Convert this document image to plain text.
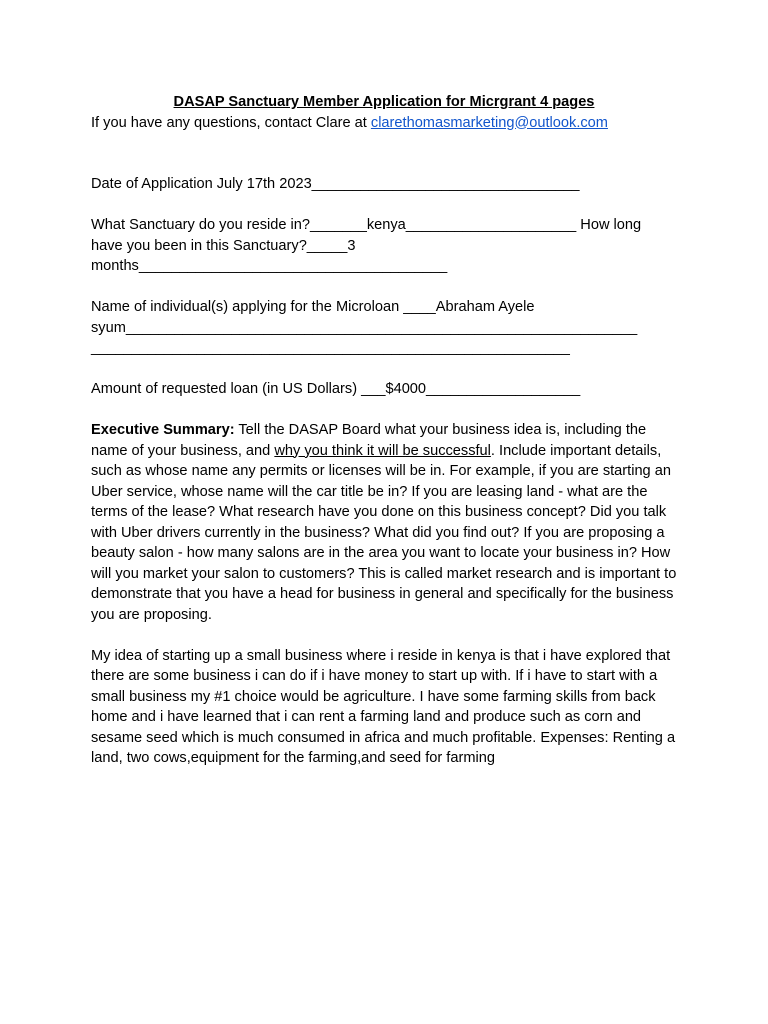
DASAP Sanctuary Member Application for Micrgrant 4 pages

If you have any questions, contact Clare at clarethomasmarketing@outlook.com

Date of Application July 17th 2023_________________________________

What Sanctuary do you reside in?_______kenya_____________________ How long

have you been in this Sanctuary?_____3

months______________________________________

Name of individual(s) applying for the Microloan ____Abraham Ayele

syum_______________________________________________________________

___________________________________________________________

Amount of requested loan (in US Dollars) ___$4000___________________

Executive Summary: Tell the DASAP Board what your business idea is, including the name of your business, and why you think it will be successful. Include important details, such as whose name any permits or licenses will be in. For example, if you are starting an Uber service, whose name will the car title be in? If you are leasing land - what are the terms of the lease? What research have you done on this business concept? Did you talk with Uber drivers currently in the business? What did you find out? If you are proposing a beauty salon - how many salons are in the area you want to locate your business in? How will you market your salon to customers? This is called market research and is important to demonstrate that you have a head for business in general and specifically for the business you are proposing.

My idea of starting up a small business where i reside in kenya is that i have explored that there are some business i can do if i have money to start up with. If i have to start with a small business my #1 choice would be agriculture. I have some farming skills from back home and i have learned that i can rent a farming land and produce such as corn and sesame seed which is much consumed in africa and much profitable. Expenses: Renting a land, two cows,equipment for the farming,and seed for farming
